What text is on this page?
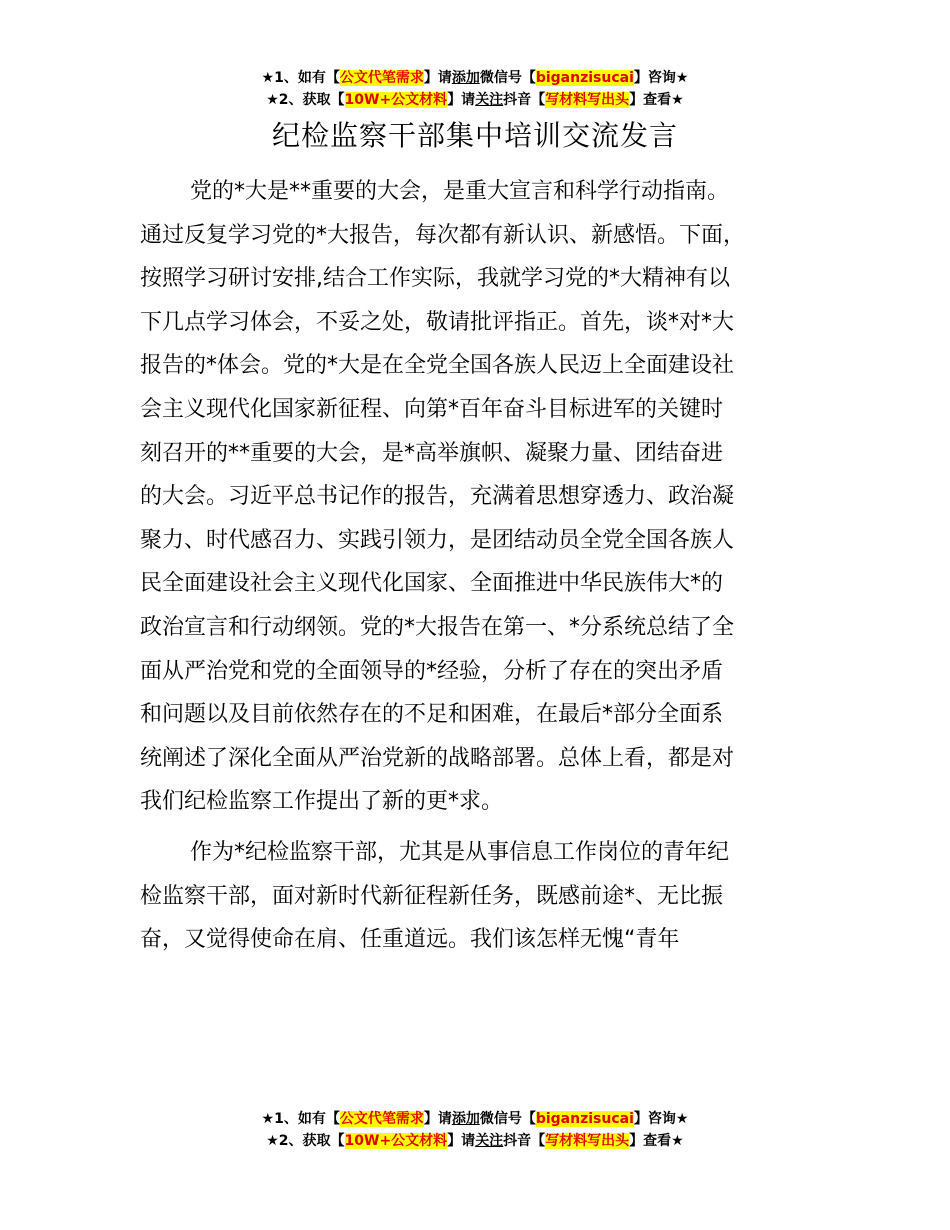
★1、如有【公文代笔需求】请添加微信号【biganzisucai】咨询★
★2、获取【10W+公文材料】请关注抖音【写材料写出头】查看★
纪检监察干部集中培训交流发言

党的*大是**重要的大会，是重大宣言和科学行动指南。
通过反复学习党的*大报告，每次都有新认识、新感悟。下面，
按照学习研讨安排,结合工作实际，我就学习党的*大精神有以
下几点学习体会，不妥之处，敬请批评指正。首先，谈*对*大
报告的*体会。党的*大是在全党全国各族人民迈上全面建设社
会主义现代化国家新征程、向第*百年奋斗目标进军的关键时
刻召开的**重要的大会，是*高举旗帜、凝聚力量、团结奋进
的大会。习近平总书记作的报告，充满着思想穿透力、政治凝
聚力、时代感召力、实践引领力，是团结动员全党全国各族人
民全面建设社会主义现代化国家、全面推进中华民族伟大*的
政治宣言和行动纲领。党的*大报告在第一、*分系统总结了全
面从严治党和党的全面领导的*经验，分析了存在的突出矛盾
和问题以及目前依然存在的不足和困难，在最后*部分全面系
统阐述了深化全面从严治党新的战略部署。总体上看，都是对
我们纪检监察工作提出了新的更*求。

作为*纪检监察干部，尤其是从事信息工作岗位的青年纪
检监察干部，面对新时代新征程新任务，既感前途*、无比振
奋，又觉得使命在肩、任重道远。我们该怎样无愧“青年

★1、如有【公文代笔需求】请添加微信号【biganzisucai】咨询★
★2、获取【10W+公文材料】请关注抖音【写材料写出头】查看★
